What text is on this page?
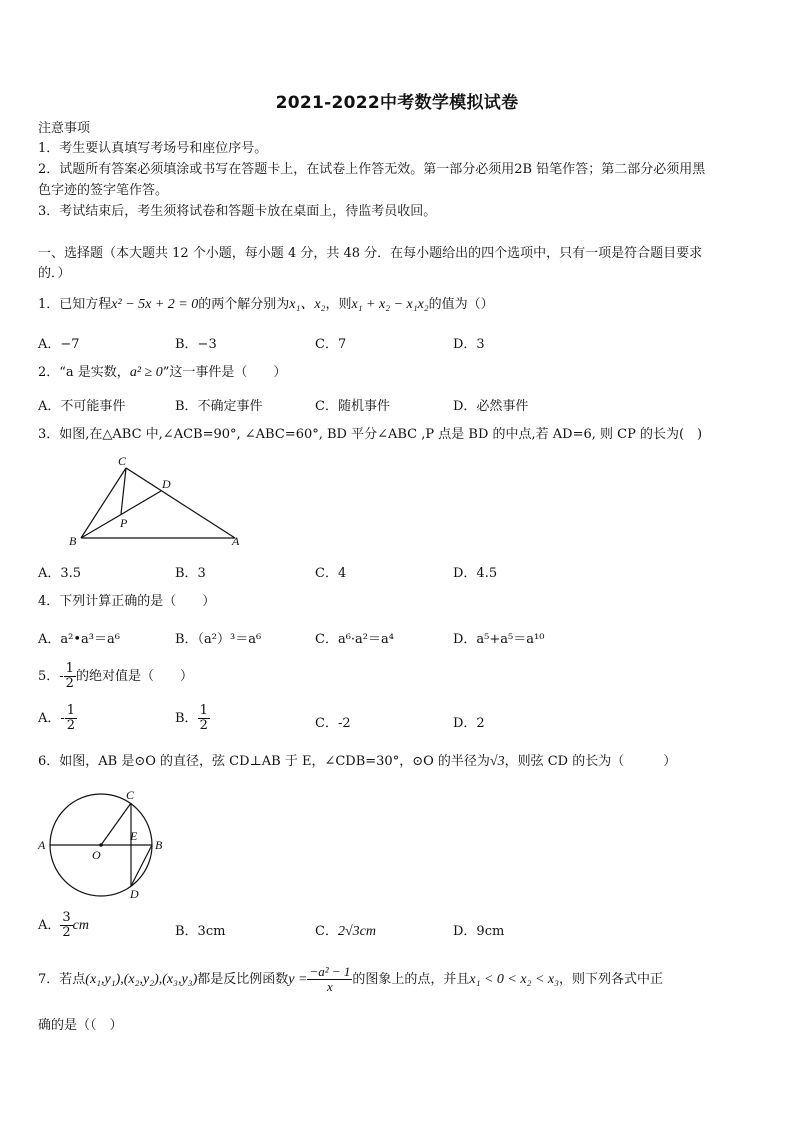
2021-2022中考数学模拟试卷
注意事项
1．考生要认真填写考场号和座位序号。
2．试题所有答案必须填涂或书写在答题卡上，在试卷上作答无效。第一部分必须用2B 铅笔作答；第二部分必须用黑
色字迹的签字笔作答。
3．考试结束后，考生须将试卷和答题卡放在桌面上，待监考员收回。
一、选择题（本大题共 12 个小题，每小题 4 分，共 48 分．在每小题给出的四个选项中，只有一项是符合题目要求
的．）
1．已知方程x² − 5x + 2 = 0的两个解分别为x₁、x₂，则x₁ + x₂ − x₁x₂的值为（）
A．−7	B．−3	C．7	D．3
2．“a 是实数，a² ≥ 0”这一事件是（　　）
A．不可能事件	B．不确定事件	C．随机事件	D．必然事件
3．如图,在△ABC 中,∠ACB=90°, ∠ABC=60°, BD 平分∠ABC ,P 点是 BD 的中点,若 AD=6, 则 CP 的长为(　)
C
D
P
B	A
A．3.5	B．3	C．4	D．4.5
4．下列计算正确的是（　　）
A．a²•a³＝a⁶	B．（a²）³＝a⁶	C．a⁶·a²＝a⁴	D．a⁵+a⁵＝a¹⁰
5．- $\frac{1}{2}$ 的绝对值是（　　）
A．- $\frac{1}{2}$	B． $\frac{1}{2}$	C．-2	D．2
6．如图，AB 是⊙O 的直径，弦 CD⊥AB 于 E，∠CDB=30°，⊙O 的半径为√3，则弦 CD 的长为（　　　）
A	B
C
D
E
O
A． $\frac{3}{2}$ cm	B．3cm	C．2√3cm	D．9cm
7．若点(x₁,y₁),(x₂,y₂),(x₃,y₃)都是反比例函数$y = \frac{\text{−a² − 1}}{x}$ 的图象上的点，并且x₁ < 0 < x₂ < x₃，则下列各式中正
确的是（（　）
